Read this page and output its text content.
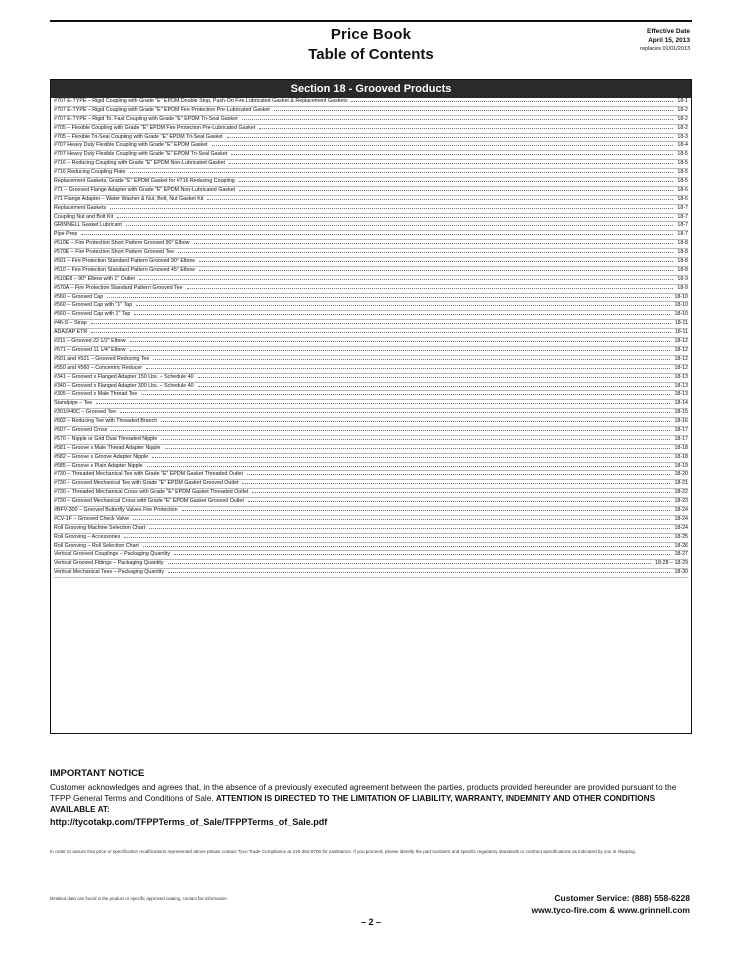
Price Book
Table of Contents
Effective Date
April 15, 2013
replaces 01/01/2013
Section 18 - Grooved Products
#707 E-TYPE – Rigid Coupling with Grade "E" EPDM Double Stop, Push-On Fire Lubricated Gasket & Replacement Gaskets	18-1
#707 E-TYPE – Rigid Coupling with Grade "E" EPDM Fire Protection Pre-Lubricated Gasket	18-2
#707 E-TYPE – Rigid To. Fast Coupling with Grade "E" EPDM Tri-Seal Gasket	18-2
#705 – Flexible Coupling with Grade "E" EPDM Fire Protection Pre-Lubricated Gasket	18-2
#705 – Flexible Tri-Seal Coupling with Grade "E" EPDM Tri-Seal Gasket	18-3
#707 Heavy Duty Flexible Coupling with Grade "E" EPDM Gasket	18-4
#707 Heavy Duty Flexible Coupling with Grade "E" EPDM Tri-Seal Gasket	18-5
#716 – Reducing Coupling with Grade "E" EPDM Non-Lubricated Gasket	18-5
#716 Reducing Coupling Plate	18-5
Replacement Gaskets, Grade "E" EPDM Gasket for #716 Reducing Coupling	18-5
#71 – Grooved Flange Adapter with Grade "E" EPDM Non-Lubricated Gasket	18-6
#71 Flange Adapter – Water Washer & Nut, Bolt, Nut Gasket Kit	18-6
Replacement Gaskets	18-7
Coupling Nut and Bolt Kit	18-7
GRINNELL Gasket Lubricant	18-7
Pipe Prep	18-7
#510E – Fire Protection Short Pattern Grooved 90° Elbow	18-8
#570E – Fire Protection Short Pattern Grooved Tee	18-8
#501 – Fire Protection Standard Pattern Grooved 90° Elbow	18-8
#510 – Fire Protection Standard Pattern Grooved 45° Elbow	18-8
#510E8 – 90° Elbow with 1" Outlet	18-9
#570A – Fire Protection Standard Pattern Grooved Tee	18-9
#560 – Grooved Cap	18-10
#560 – Grooved Cap with "1" Tap	18-10
#560 – Grooved Cap with 1" Tap	18-10
#46-S – Strap	18-11
ADAZAP ETR	18-11
#211 – Grooved 22 1/2" Elbow	18-12
#571 – Grooved 11 1/4" Elbow	18-12
#501 and #521 – Grooved Reducing Tee	18-12
#550 and #560 – Concentric Reducer	18-12
#341 – Grooved x Flanged Adapter 150 Lbs. – Schedule 40	18-13
#340 – Grooved x Flanged Adapter 300 Lbs. – Schedule 40	18-13
#305 – Grooved x Male Thread Tee	18-13
Standpipe – Tee	18-14
#301/#40C – Grooved Tee	18-15
#502 – Reducing Tee with Threaded Branch	18-16
#507 – Grooved Cross	18-17
#570 – Nipple or Grid Dual Threaded Nipple	18-17
#581 – Groove x Male Thread Adapter Nipple	18-18
#582 – Groove x Groove Adapter Nipple	18-18
#585 – Groove x Plain Adapter Nipple	18-19
#730 – Threaded Mechanical Tee with Grade "E" EPDM Gasket Threaded Outlet	18-20
#730 – Grooved Mechanical Tee with Grade "E" EPDM Gasket Grooved Outlet	18-21
#730 – Threaded Mechanical Cross with Grade "E" EPDM Gasket Threaded Outlet	18-22
#730 – Grooved Mechanical Cross with Grade "E" EPDM Gasket Grooved Outlet	18-23
#BFV-300 – Grooved Butterfly Valves Fire Protection	18-24
#CV-1F – Grooved Check Valve	18-24
Roll Grooving Machine Selection Chart	18-24
Roll Grooving – Accessories	18-25
Roll Grooving – Roll Selection Chart	18-26
Vertical Grooved Couplings – Packaging Quantity	18-27
Vertical Grooved Fittings – Packaging Quantity	18-28 – 18-29
Vertical Mechanical Tees – Packaging Quantity	18-30
IMPORTANT NOTICE
Customer acknowledges and agrees that, in the absence of a previously executed agreement between the parties, products provided hereunder are provided pursuant to the TFPP General Terms and Conditions of Sale. ATTENTION IS DIRECTED TO THE LIMITATION OF LIABILITY, WARRANTY, INDEMNITY AND OTHER CONDITIONS AVAILABLE AT:
http://tycotakp.com/TFPPTerms_of_Sale/TFPPTerms_of_Sale.pdf
In order to assure that price or specification modifications represented above please contact Tyco Trade Compliance at 215-362-8700 for assistance. If you proceed, please identify the part numbers and specific regulatory standards or contract specifications as indicated by you in shipping.
Detailed data can found in the product or specific approved catalog, contact fax information.	Customer Service: (888) 558-6228
www.tyco-fire.com & www.grinnell.com
– 2 –
